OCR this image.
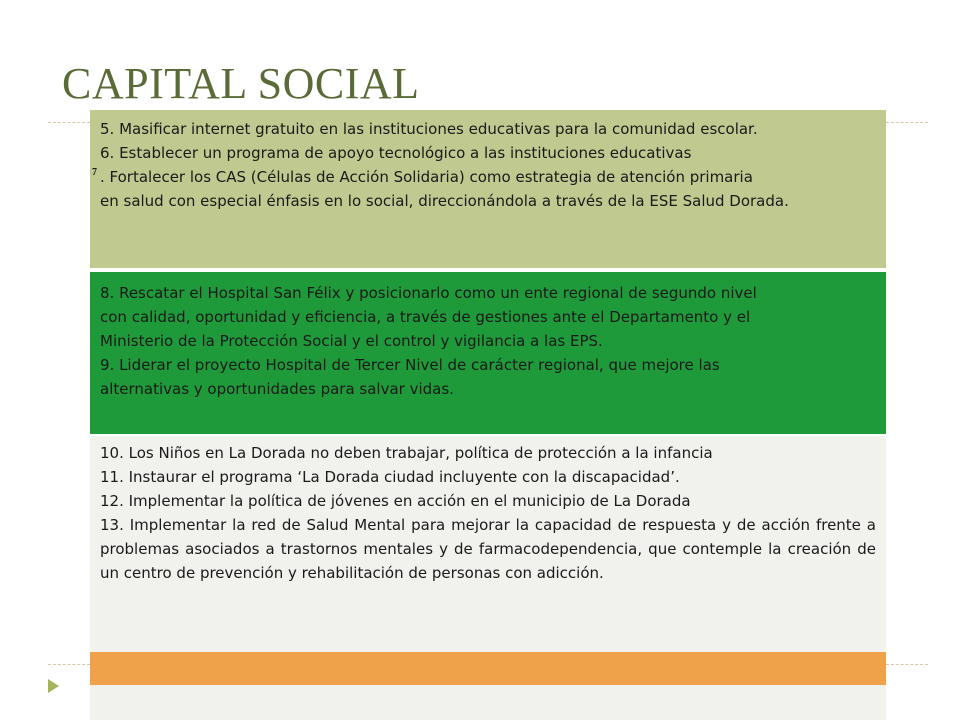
CAPITAL SOCIAL
5. Masificar internet gratuito en las instituciones educativas para la comunidad escolar.
6. Establecer un programa de apoyo tecnológico a las instituciones educativas
7 . Fortalecer los CAS (Células de Acción Solidaria) como estrategia de atención primaria
en salud con especial énfasis en lo social, direccionándola a través de la ESE Salud Dorada.
8. Rescatar el Hospital San Félix y posicionarlo como un ente regional de segundo nivel
con calidad, oportunidad y eficiencia, a través de gestiones ante el Departamento y el
Ministerio de la Protección Social y el control y vigilancia a las EPS.
9. Liderar el proyecto Hospital de Tercer Nivel de carácter regional, que mejore las
alternativas y oportunidades para salvar vidas.
10. Los Niños en La Dorada no deben trabajar, política de protección a la infancia
11. Instaurar el programa ‘La Dorada ciudad incluyente con la discapacidad’.
12. Implementar la política de jóvenes en acción en el municipio de La Dorada
13. Implementar la red de Salud Mental para mejorar la capacidad de respuesta y de acción frente a problemas asociados a trastornos mentales y de farmacodependencia, que contemple la creación de un centro de prevención y rehabilitación de personas con adicción.
